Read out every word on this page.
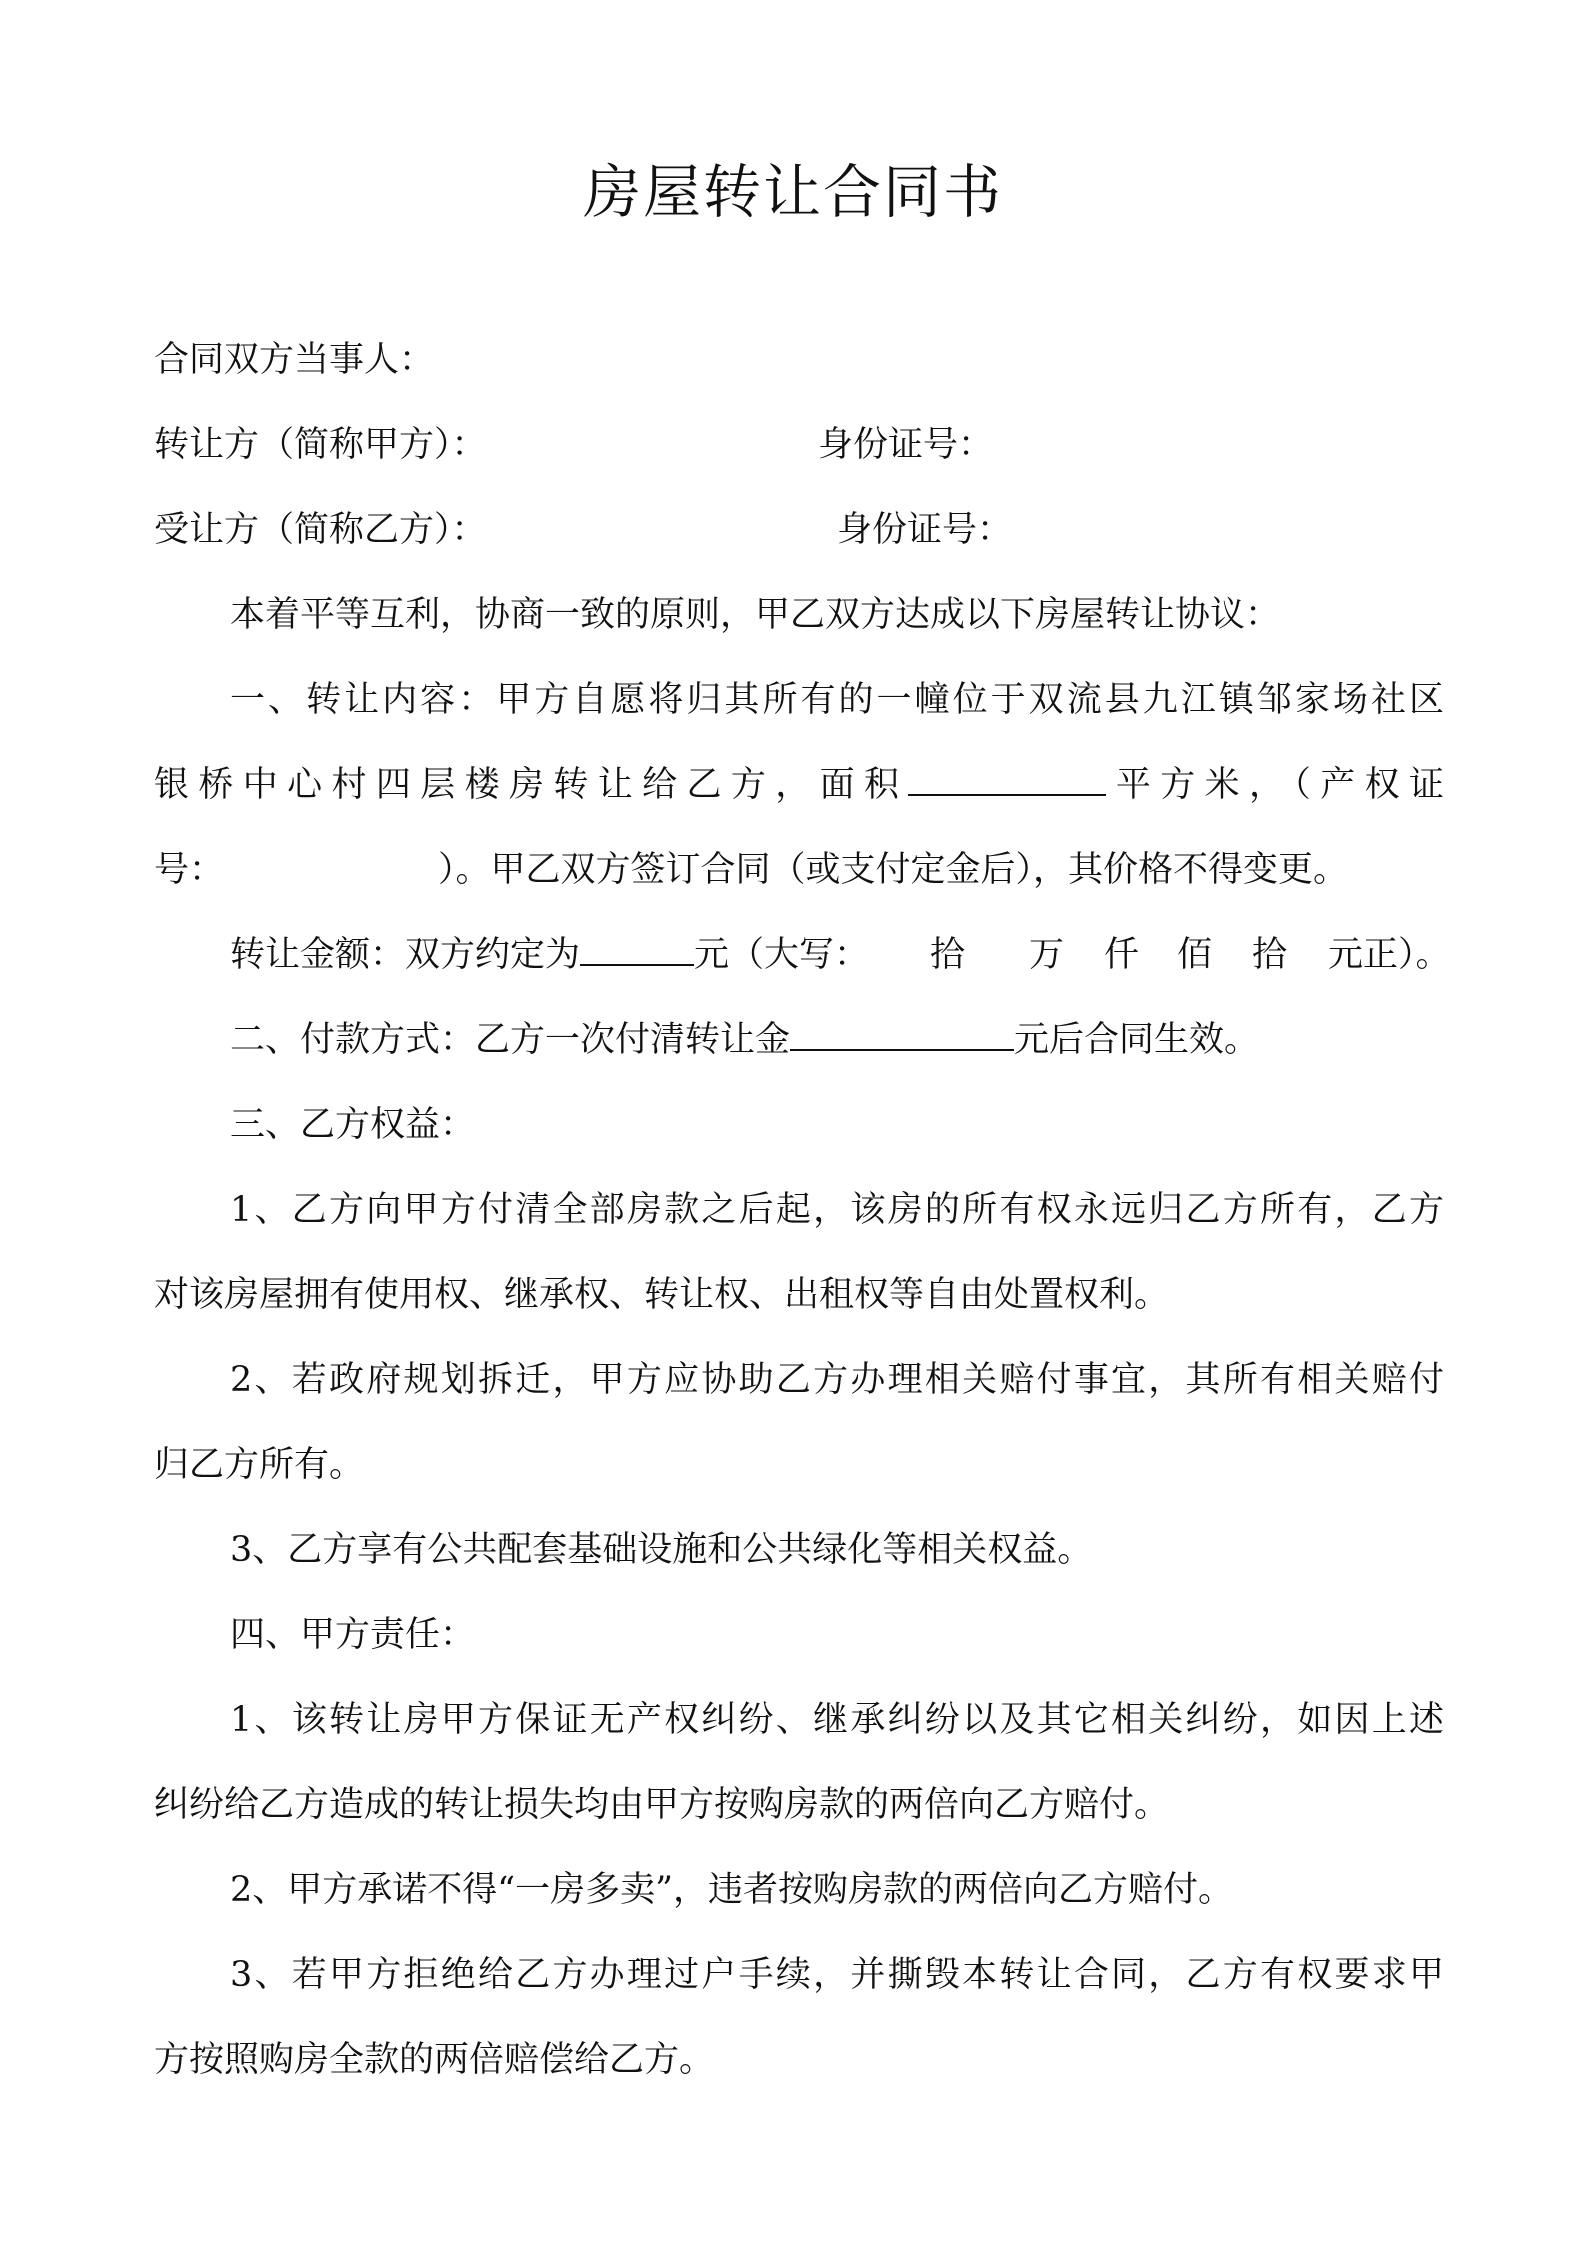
房屋转让合同书
合同双方当事人：
转让方（简称甲方）：	身份证号：
受让方（简称乙方）：	身份证号：
本着平等互利，协商一致的原则，甲乙双方达成以下房屋转让协议：
一、转让内容：甲方自愿将归其所有的一幢位于双流县九江镇邹家场社区
银桥中心村四层楼房转让给乙方，面积	平方米，（产权证
号：	）。甲乙双方签订合同（或支付定金后），其价格不得变更。
转让金额：双方约定为	元（大写： 拾 万 仟 佰 拾 元正）。
二、付款方式：乙方一次付清转让金	元后合同生效。
三、乙方权益：
1、乙方向甲方付清全部房款之后起，该房的所有权永远归乙方所有，乙方
对该房屋拥有使用权、继承权、转让权、出租权等自由处置权利。
2、若政府规划拆迁，甲方应协助乙方办理相关赔付事宜，其所有相关赔付
归乙方所有。
3、乙方享有公共配套基础设施和公共绿化等相关权益。
四、甲方责任：
1、该转让房甲方保证无产权纠纷、继承纠纷以及其它相关纠纷，如因上述
纠纷给乙方造成的转让损失均由甲方按购房款的两倍向乙方赔付。
2、甲方承诺不得“一房多卖”，违者按购房款的两倍向乙方赔付。
3、若甲方拒绝给乙方办理过户手续，并撕毁本转让合同，乙方有权要求甲
方按照购房全款的两倍赔偿给乙方。
